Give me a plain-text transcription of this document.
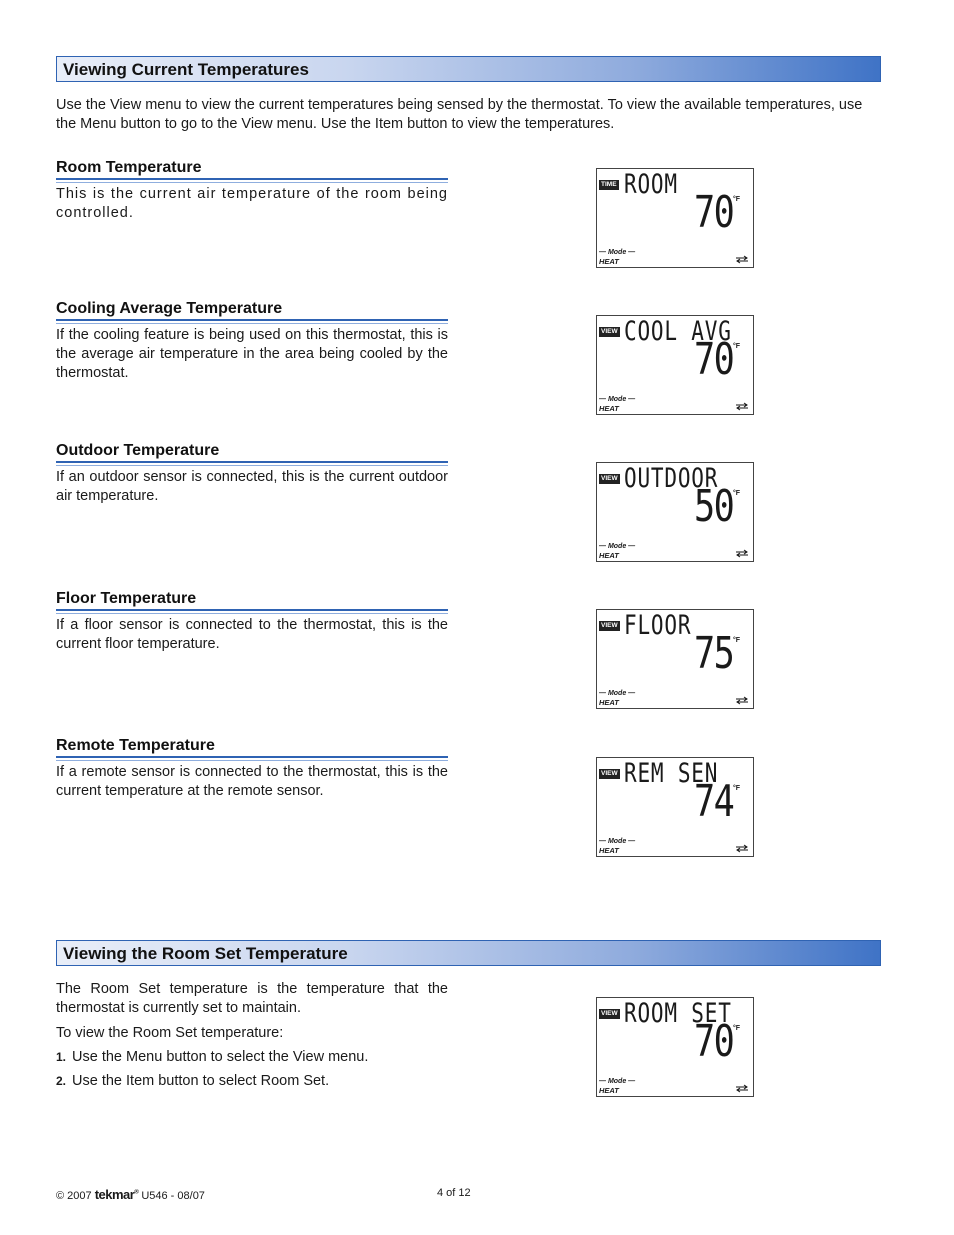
Viewing Current Temperatures

Use the View menu to view the current temperatures being sensed by the thermostat. To view the available temperatures, use the Menu button to go to the View menu. Use the Item button to view the temperatures.

Room Temperature

This is the current air temperature of the room being controlled.

TIME ROOM
70 °F
— Mode —
HEAT
Cooling Average Temperature

If the cooling feature is being used on this thermostat, this is the average air temperature in the area being cooled by the thermostat.

VIEW COOL AVG
70 °F
— Mode —
HEAT
Outdoor Temperature

If an outdoor sensor is connected, this is the current outdoor air temperature.

VIEW OUTDOOR
50 °F
— Mode —
HEAT
Floor Temperature

If a floor sensor is connected to the thermostat, this is the current floor temperature.

VIEW FLOOR
75 °F
— Mode —
HEAT
Remote Temperature

If a remote sensor is connected to the thermostat, this is the current temperature at the remote sensor.

VIEW REM SEN
74 °F
— Mode —
HEAT
Viewing the Room Set Temperature

The Room Set temperature is the temperature that the thermostat is currently set to maintain.

To view the Room Set temperature:

1. Use the Menu button to select the View menu.
2. Use the Item button to select Room Set.
VIEW ROOM SET
70 °F
— Mode —
HEAT
© 2007 tekmar® U546 - 08/07	4 of 12
